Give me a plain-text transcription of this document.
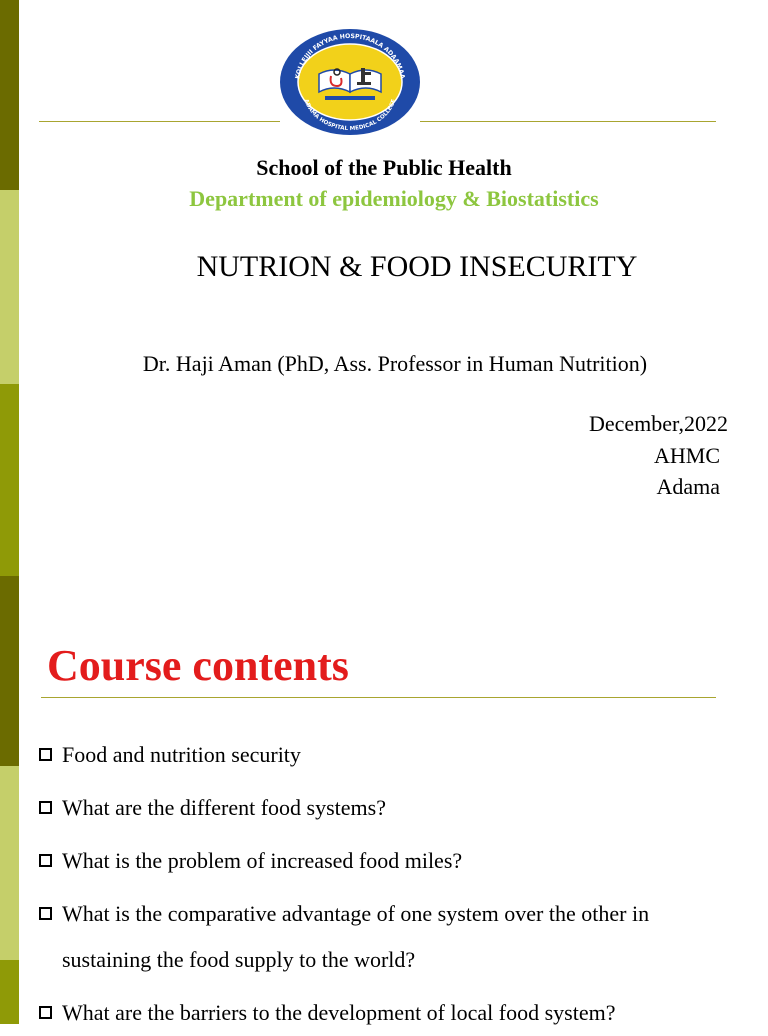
KOLLEJJII FAYYAA HOSPITAALA ADAAMAA
ADAMA HOSPITAL MEDICAL COLLEGE
School of the Public Health
Department of epidemiology & Biostatistics
NUTRION & FOOD INSECURITY
Dr. Haji Aman (PhD, Ass. Professor in Human Nutrition)
December,2022
AHMC
Adama
Course contents
Food and nutrition security
What are the different food systems?
What is the problem of increased food miles?
What is the comparative advantage of one system over the other in sustaining the food supply to the world?
What are the barriers to the development of local food system?
